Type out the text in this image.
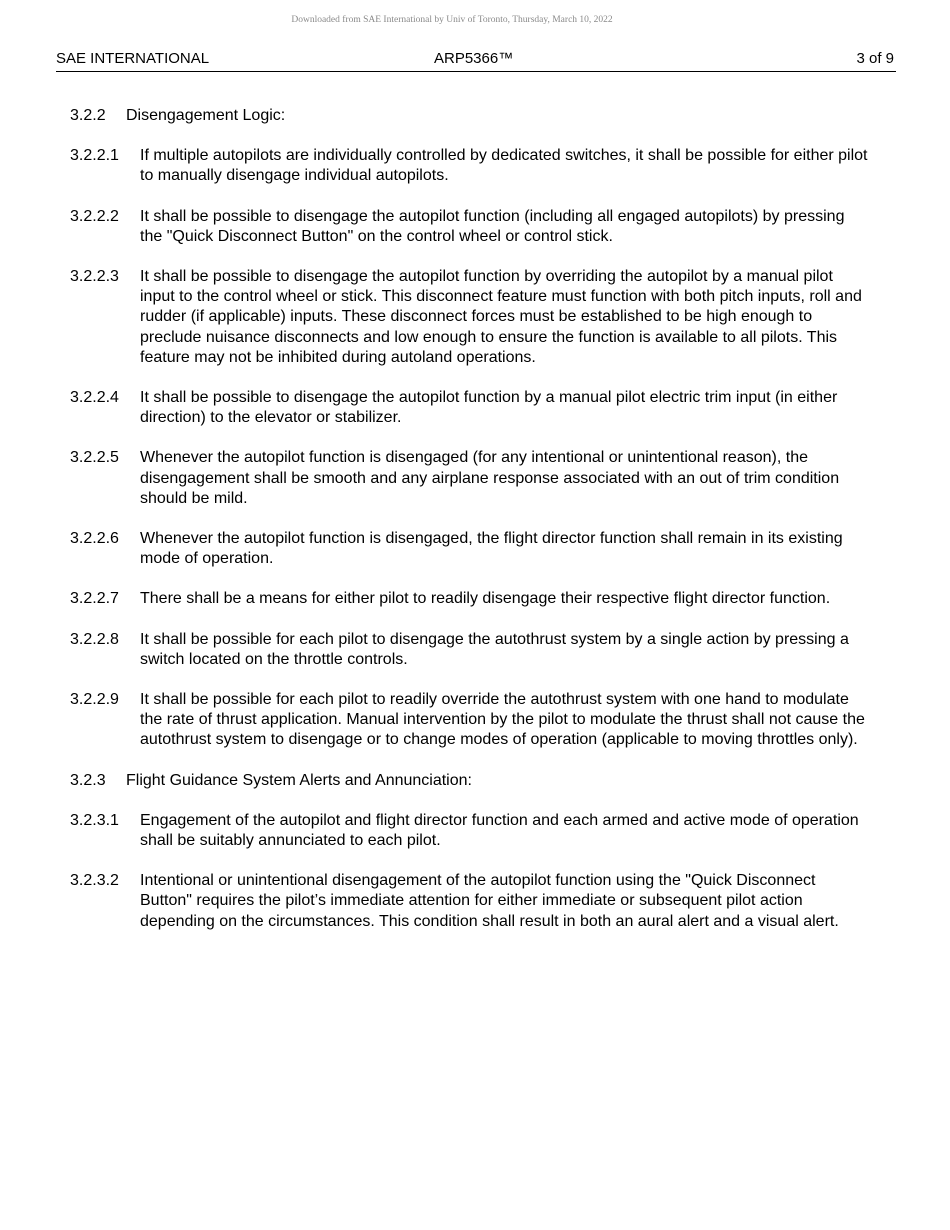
Downloaded from SAE International by Univ of Toronto, Thursday, March 10, 2022
SAE INTERNATIONAL	ARP5366™	3 of 9
3.2.2 Disengagement Logic:
3.2.2.1 If multiple autopilots are individually controlled by dedicated switches, it shall be possible for either pilot to manually disengage individual autopilots.
3.2.2.2 It shall be possible to disengage the autopilot function (including all engaged autopilots) by pressing the "Quick Disconnect Button" on the control wheel or control stick.
3.2.2.3 It shall be possible to disengage the autopilot function by overriding the autopilot by a manual pilot input to the control wheel or stick. This disconnect feature must function with both pitch inputs, roll and rudder (if applicable) inputs. These disconnect forces must be established to be high enough to preclude nuisance disconnects and low enough to ensure the function is available to all pilots. This feature may not be inhibited during autoland operations.
3.2.2.4 It shall be possible to disengage the autopilot function by a manual pilot electric trim input (in either direction) to the elevator or stabilizer.
3.2.2.5 Whenever the autopilot function is disengaged (for any intentional or unintentional reason), the disengagement shall be smooth and any airplane response associated with an out of trim condition should be mild.
3.2.2.6 Whenever the autopilot function is disengaged, the flight director function shall remain in its existing mode of operation.
3.2.2.7 There shall be a means for either pilot to readily disengage their respective flight director function.
3.2.2.8 It shall be possible for each pilot to disengage the autothrust system by a single action by pressing a switch located on the throttle controls.
3.2.2.9 It shall be possible for each pilot to readily override the autothrust system with one hand to modulate the rate of thrust application. Manual intervention by the pilot to modulate the thrust shall not cause the autothrust system to disengage or to change modes of operation (applicable to moving throttles only).
3.2.3 Flight Guidance System Alerts and Annunciation:
3.2.3.1 Engagement of the autopilot and flight director function and each armed and active mode of operation shall be suitably annunciated to each pilot.
3.2.3.2 Intentional or unintentional disengagement of the autopilot function using the "Quick Disconnect Button" requires the pilot’s immediate attention for either immediate or subsequent pilot action depending on the circumstances. This condition shall result in both an aural alert and a visual alert.
